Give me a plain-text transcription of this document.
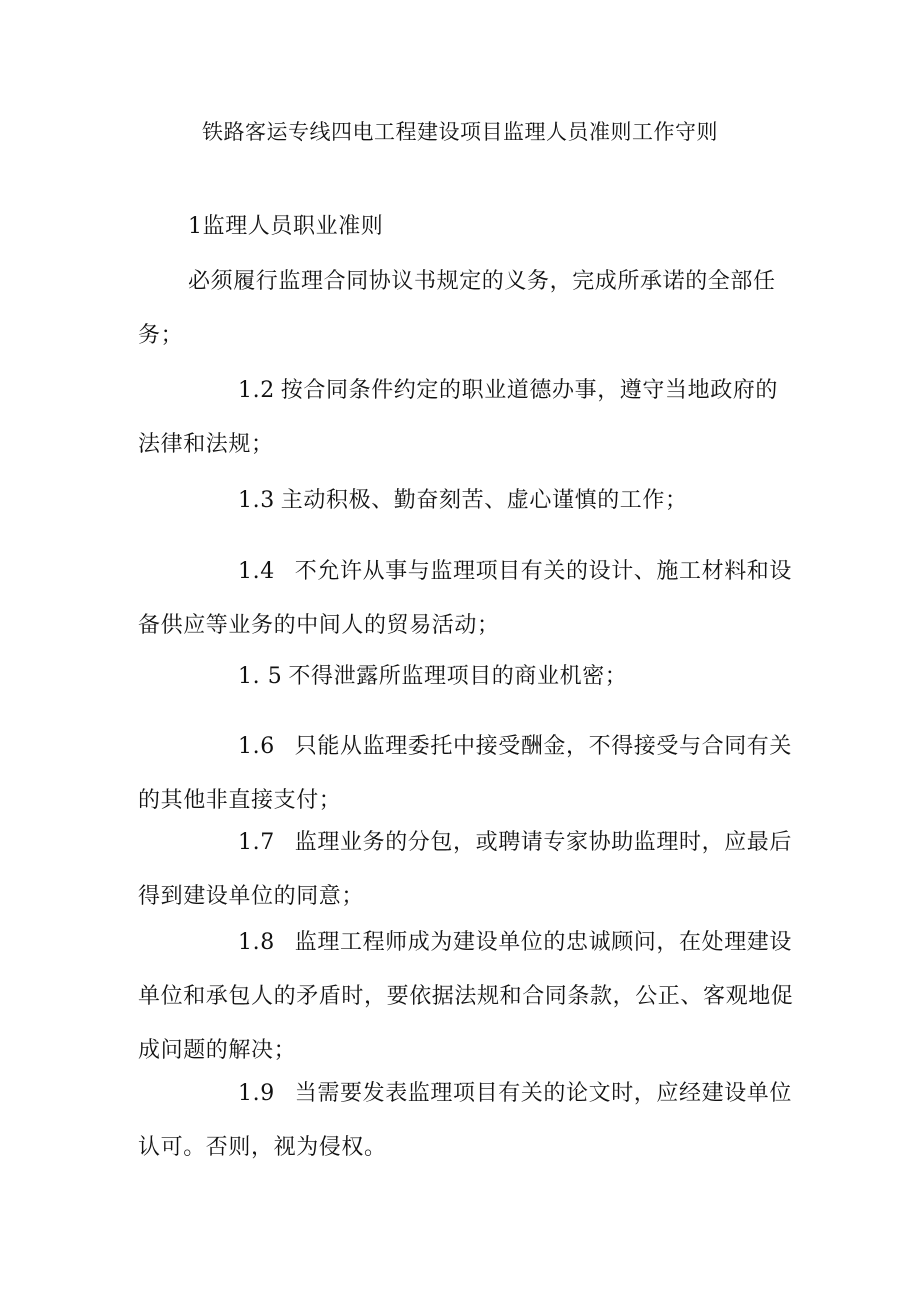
铁路客运专线四电工程建设项目监理人员准则工作守则

1监理人员职业准则

必须履行监理合同协议书规定的义务，完成所承诺的全部任务；

1.2 按合同条件约定的职业道德办事，遵守当地政府的法律和法规；

1.3 主动积极、勤奋刻苦、虚心谨慎的工作；

1.4 不允许从事与监理项目有关的设计、施工材料和设备供应等业务的中间人的贸易活动；

1. 5 不得泄露所监理项目的商业机密；

1.6 只能从监理委托中接受酬金，不得接受与合同有关的其他非直接支付；

1.7 监理业务的分包，或聘请专家协助监理时，应最后得到建设单位的同意；

1.8 监理工程师成为建设单位的忠诚顾问，在处理建设单位和承包人的矛盾时，要依据法规和合同条款，公正、客观地促成问题的解决；

1.9 当需要发表监理项目有关的论文时，应经建设单位认可。否则，视为侵权。
